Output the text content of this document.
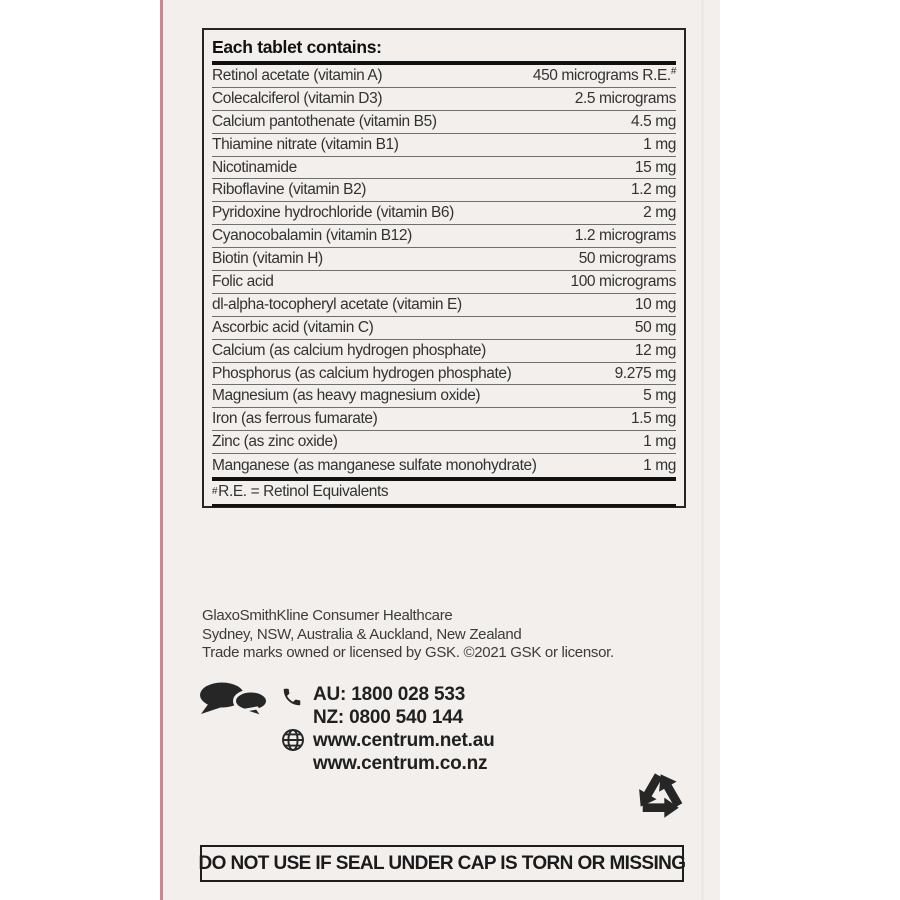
Each tablet contains:
Retinol acetate (vitamin A)	450 micrograms R.E.#
Colecalciferol (vitamin D3)	2.5 micrograms
Calcium pantothenate (vitamin B5)	4.5 mg
Thiamine nitrate (vitamin B1)	1 mg
Nicotinamide	15 mg
Riboflavine (vitamin B2)	1.2 mg
Pyridoxine hydrochloride (vitamin B6)	2 mg
Cyanocobalamin (vitamin B12)	1.2 micrograms
Biotin (vitamin H)	50 micrograms
Folic acid	100 micrograms
dl-alpha-tocopheryl acetate (vitamin E)	10 mg
Ascorbic acid (vitamin C)	50 mg
Calcium (as calcium hydrogen phosphate)	12 mg
Phosphorus (as calcium hydrogen phosphate)	9.275 mg
Magnesium (as heavy magnesium oxide)	5 mg
Iron (as ferrous fumarate)	1.5 mg
Zinc (as zinc oxide)	1 mg
Manganese (as manganese sulfate monohydrate)	1 mg
# R.E. = Retinol Equivalents
GlaxoSmithKline Consumer Healthcare
Sydney, NSW, Australia & Auckland, New Zealand
Trade marks owned or licensed by GSK. ©2021 GSK or licensor.
AU: 1800 028 533
NZ: 0800 540 144
www.centrum.net.au
www.centrum.co.nz
DO NOT USE IF SEAL UNDER CAP IS TORN OR MISSING
